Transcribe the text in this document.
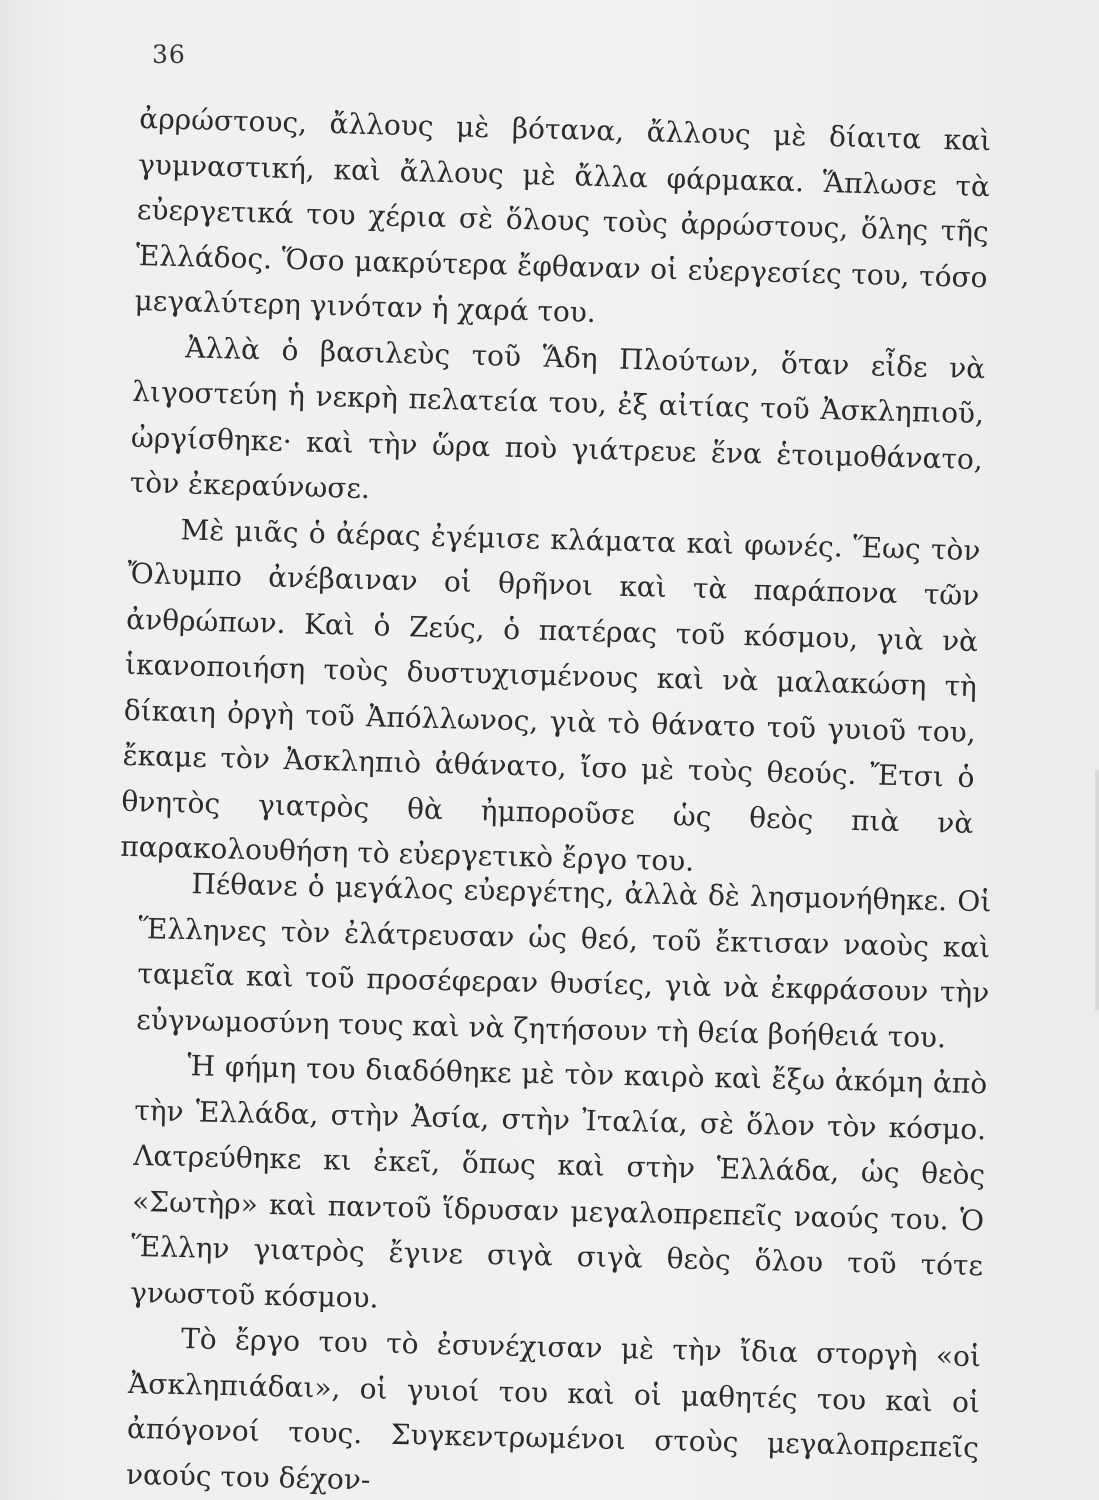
36

ἀρρώστους, ἄλλους μὲ βότανα, ἄλλους μὲ δίαιτα καὶ γυμναστική, καὶ ἄλλους μὲ ἄλλα φάρμακα. Ἅπλωσε τὰ εὐεργετικά του χέρια σὲ ὅλους τοὺς ἀρρώστους, ὅλης τῆς Ἑλλάδος. Ὅσο μακρύτερα ἔφθαναν οἱ εὐεργεσίες του, τόσο μεγαλύτερη γινόταν ἡ χαρά του.

Ἀλλὰ ὁ βασιλεὺς τοῦ Ἅδη Πλούτων, ὅταν εἶδε νὰ λιγοστεύη ἡ νεκρὴ πελατεία του, ἐξ αἰτίας τοῦ Ἀσκληπιοῦ, ὠργίσθηκε· καὶ τὴν ὥρα ποὺ γιάτρευε ἕνα ἑτοιμοθάνατο, τὸν ἐκεραύνωσε.

Μὲ μιᾶς ὁ ἀέρας ἐγέμισε κλάματα καὶ φωνές. Ἕως τὸν Ὄλυμπο ἀνέβαιναν οἱ θρῆνοι καὶ τὰ παράπονα τῶν ἀνθρώπων. Καὶ ὁ Ζεύς, ὁ πατέρας τοῦ κόσμου, γιὰ νὰ ἱκανοποιήση τοὺς δυστυχισμένους καὶ νὰ μαλακώση τὴ δίκαιη ὀργὴ τοῦ Ἀπόλλωνος, γιὰ τὸ θάνατο τοῦ γυιοῦ του, ἔκαμε τὸν Ἀσκληπιὸ ἀθάνατο, ἴσο μὲ τοὺς θεούς. Ἔτσι ὁ θνητὸς γιατρὸς θὰ ἠμποροῦσε ὡς θεὸς πιὰ νὰ παρακολουθήση τὸ εὐεργετικὸ ἔργο του.

Πέθανε ὁ μεγάλος εὐεργέτης, ἀλλὰ δὲ λησμονήθηκε. Οἱ Ἕλληνες τὸν ἐλάτρευσαν ὡς θεό, τοῦ ἔκτισαν ναοὺς καὶ ταμεῖα καὶ τοῦ προσέφεραν θυσίες, γιὰ νὰ ἐκφράσουν τὴν εὐγνωμοσύνη τους καὶ νὰ ζητήσουν τὴ θεία βοήθειά του.

Ἡ φήμη του διαδόθηκε μὲ τὸν καιρὸ καὶ ἔξω ἀκόμη ἀπὸ τὴν Ἑλλάδα, στὴν Ἀσία, στὴν Ἰταλία, σὲ ὅλον τὸν κόσμο. Λατρεύθηκε κι ἐκεῖ, ὅπως καὶ στὴν Ἑλλάδα, ὡς θεὸς «Σωτὴρ» καὶ παντοῦ ἵδρυσαν μεγαλοπρεπεῖς ναούς του. Ὁ Ἕλλην γιατρὸς ἔγινε σιγὰ σιγὰ θεὸς ὅλου τοῦ τότε γνωστοῦ κόσμου.

Τὸ ἔργο του τὸ ἐσυνέχισαν μὲ τὴν ἴδια στοργὴ «οἱ Ἀσκληπιάδαι», οἱ γυιοί του καὶ οἱ μαθητές του καὶ οἱ ἀπόγονοί τους. Συγκεντρωμένοι στοὺς μεγαλοπρεπεῖς ναούς του δέχον-
